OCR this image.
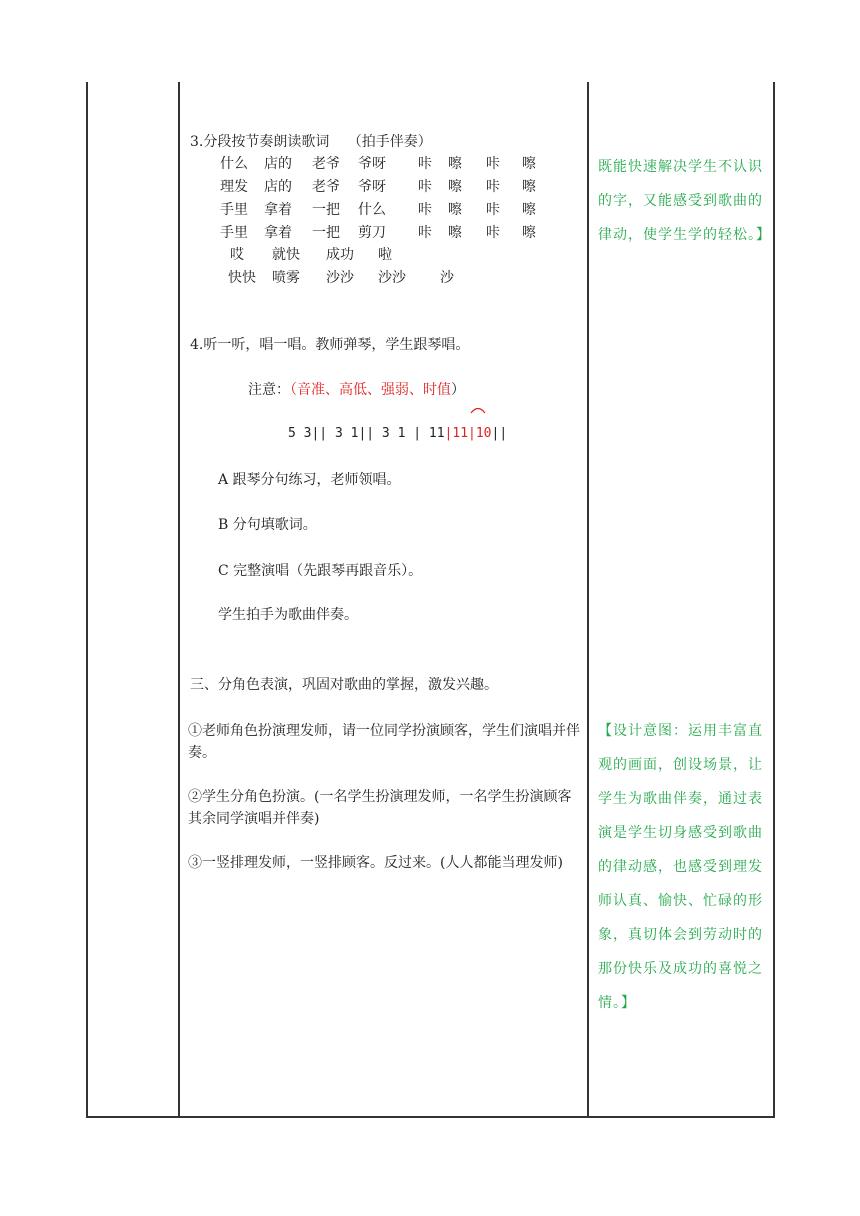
3.分段按节奏朗读歌词　 （拍手伴奏）
什么 店的 老爷 爷呀 咔 嚓 咔 嚓
理发 店的 老爷 爷呀 咔 嚓 咔 嚓
手里 拿着 一把 什么 咔 嚓 咔 嚓
手里 拿着 一把 剪刀 咔 嚓 咔 嚓
哎 就快 成功 啦
快快 喷雾 沙沙 沙沙 沙
4.听一听，唱一唱。教师弹琴，学生跟琴唱。
注意：（音准、高低、强弱、时值）
5 3|| 3 1|| 3 1 | 11|11|10||
A 跟琴分句练习，老师领唱。
B 分句填歌词。
C 完整演唱（先跟琴再跟音乐）。
学生拍手为歌曲伴奏。
三、分角色表演，巩固对歌曲的掌握，激发兴趣。
①老师角色扮演理发师，请一位同学扮演顾客，学生们演唱并伴奏。
②学生分角色扮演。(一名学生扮演理发师，一名学生扮演顾客其余同学演唱并伴奏)
③一竖排理发师，一竖排顾客。反过来。(人人都能当理发师)
既能快速解决学生不认识的字，又能感受到歌曲的律动，使学生学的轻松。】
【设计意图：运用丰富直观的画面，创设场景，让学生为歌曲伴奏，通过表演是学生切身感受到歌曲的律动感，也感受到理发师认真、愉快、忙碌的形象，真切体会到劳动时的那份快乐及成功的喜悦之情。】
